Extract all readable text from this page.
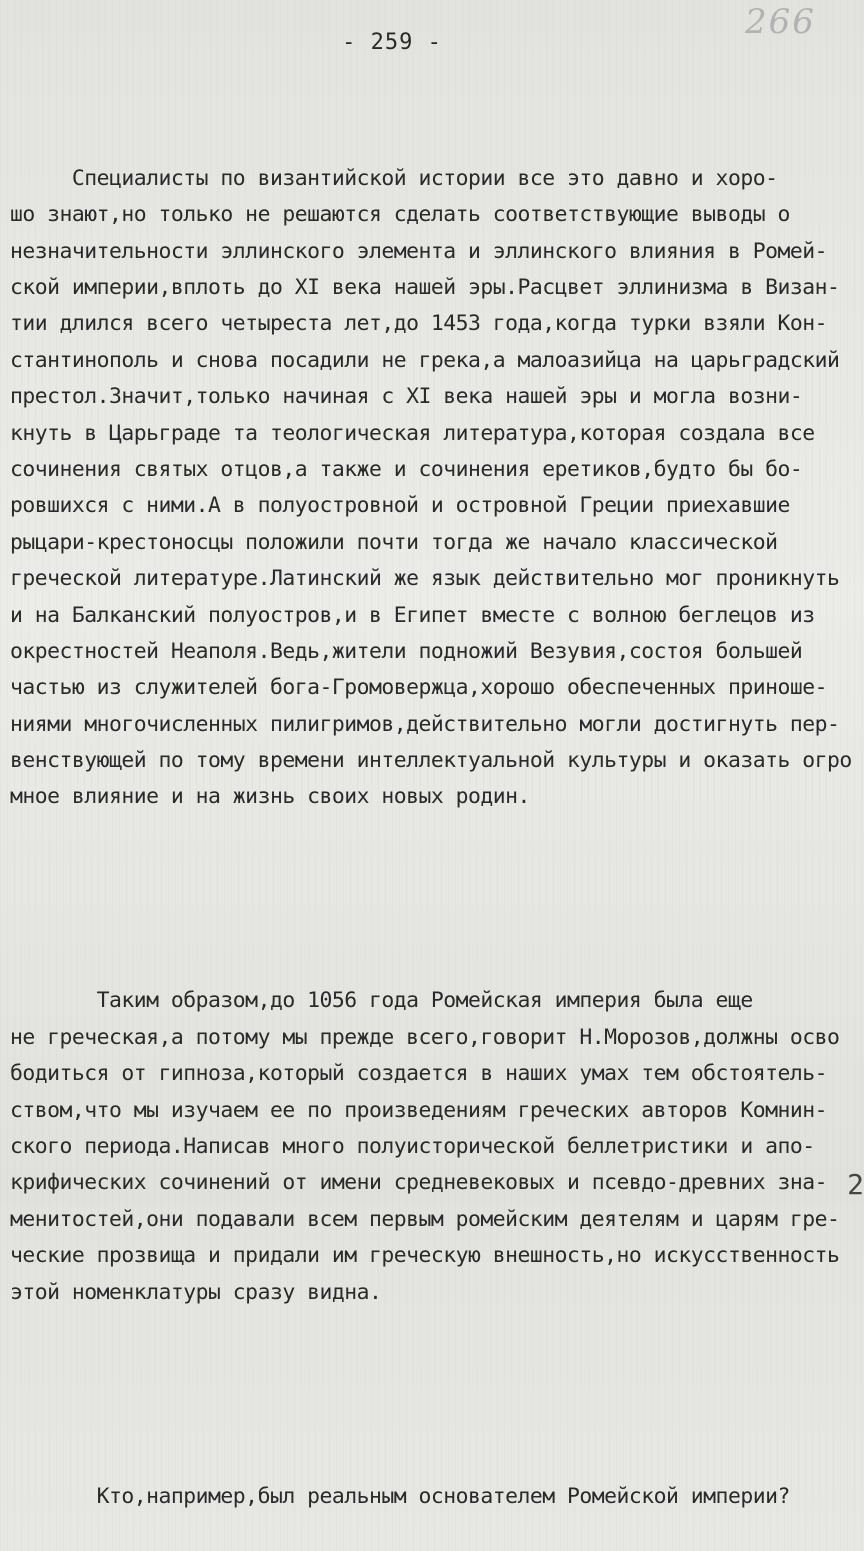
266
- 259 -

Специалисты по византийской истории все это давно и хоро-
шо знают,но только не решаются сделать соответствующие выводы о
незначительности эллинского элемента и эллинского влияния в Ромей-
ской империи,вплоть до XI века нашей эры.Расцвет эллинизма в Визан-
тии длился всего четыреста лет,до 1453 года,когда турки взяли Кон-
стантинополь и снова посадили не грека,а малоазийца на царьградский
престол.Значит,только начиная с XI века нашей эры и могла возни-
кнуть в Царьграде та теологическая литература,которая создала все
сочинения святых отцов,а также и сочинения еретиков,будто бы бо-
ровшихся с ними.А в полуостровной и островной Греции приехавшие
рыцари-крестоносцы положили почти тогда же начало классической
греческой литературе.Латинский же язык действительно мог проникнуть
и на Балканский полуостров,и в Египет вместе с волною беглецов из
окрестностей Неаполя.Ведь,жители подножий Везувия,состоя большей
частью из служителей бога-Громовержца,хорошо обеспеченных приноше-
ниями многочисленных пилигримов,действительно могли достигнуть пер-
венствующей по тому времени интеллектуальной культуры и оказать огро
мное влияние и на жизнь своих новых родин.

Таким образом,до 1056 года Ромейская империя была еще
не греческая,а потому мы прежде всего,говорит Н.Морозов,должны осво
бодиться от гипноза,который создается в наших умах тем обстоятель-
ством,что мы изучаем ее по произведениям греческих авторов Комнин-
ского периода.Написав много полуисторической беллетристики и апо-
крифических сочинений от имени средневековых и псевдо-древних зна-
менитостей,они подавали всем первым ромейским деятелям и царям гре-
ческие прозвища и придали им греческую внешность,но искусственность
этой номенклатуры сразу видна.

Кто,например,был реальным основателем Ромейской империи?

2
